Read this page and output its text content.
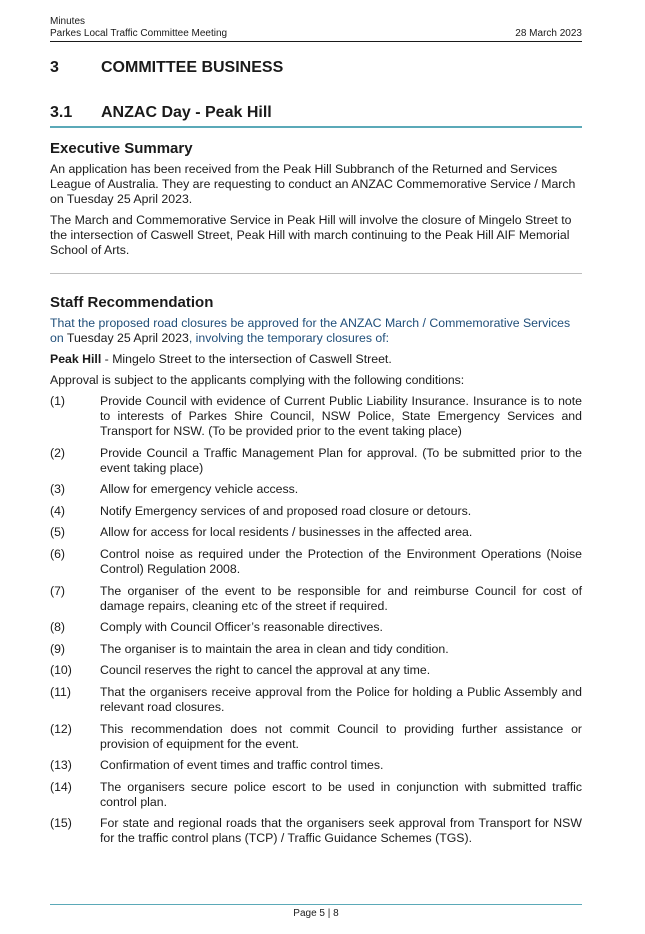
Minutes
Parkes Local Traffic Committee Meeting	28 March 2023
3	COMMITTEE BUSINESS
3.1	ANZAC Day - Peak Hill
Executive Summary

An application has been received from the Peak Hill Subbranch of the Returned and Services League of Australia. They are requesting to conduct an ANZAC Commemorative Service / March on Tuesday 25 April 2023.

The March and Commemorative Service in Peak Hill will involve the closure of Mingelo Street to the intersection of Caswell Street, Peak Hill with march continuing to the Peak Hill AIF Memorial School of Arts.

Staff Recommendation

That the proposed road closures be approved for the ANZAC March / Commemorative Services on Tuesday 25 April 2023, involving the temporary closures of:

Peak Hill - Mingelo Street to the intersection of Caswell Street.

Approval is subject to the applicants complying with the following conditions:

(1)	Provide Council with evidence of Current Public Liability Insurance. Insurance is to note to interests of Parkes Shire Council, NSW Police, State Emergency Services and Transport for NSW. (To be provided prior to the event taking place)
(2)	Provide Council a Traffic Management Plan for approval. (To be submitted prior to the event taking place)
(3)	Allow for emergency vehicle access.
(4)	Notify Emergency services of and proposed road closure or detours.
(5)	Allow for access for local residents / businesses in the affected area.
(6)	Control noise as required under the Protection of the Environment Operations (Noise Control) Regulation 2008.
(7)	The organiser of the event to be responsible for and reimburse Council for cost of damage repairs, cleaning etc of the street if required.
(8)	Comply with Council Officer’s reasonable directives.
(9)	The organiser is to maintain the area in clean and tidy condition.
(10)	Council reserves the right to cancel the approval at any time.
(11)	That the organisers receive approval from the Police for holding a Public Assembly and relevant road closures.
(12)	This recommendation does not commit Council to providing further assistance or provision of equipment for the event.
(13)	Confirmation of event times and traffic control times.
(14)	The organisers secure police escort to be used in conjunction with submitted traffic control plan.
(15)	For state and regional roads that the organisers seek approval from Transport for NSW for the traffic control plans (TCP) / Traffic Guidance Schemes (TGS).
Page 5 | 8
